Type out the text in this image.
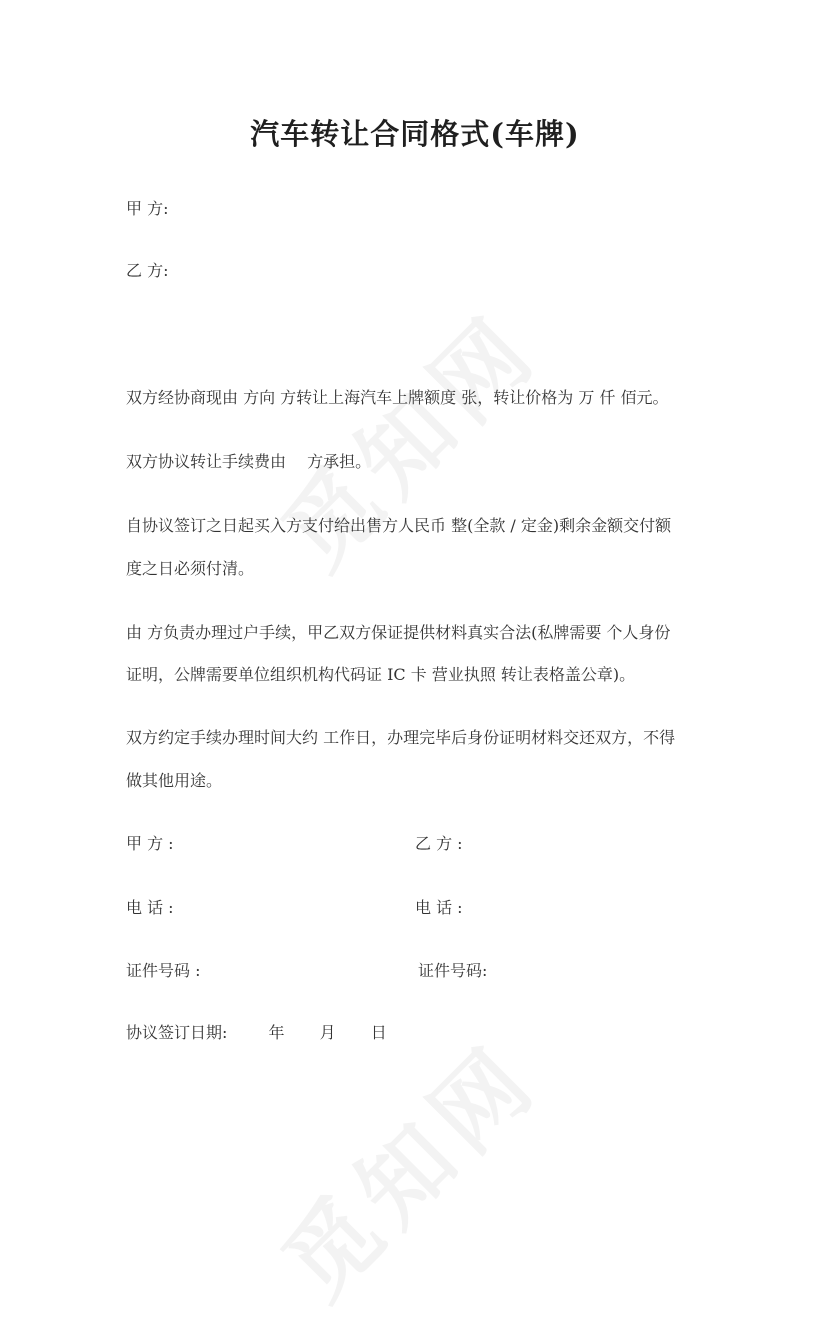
汽车转让合同格式(车牌)
甲 方:
乙 方:
双方经协商现由 方向 方转让上海汽车上牌额度 张，转让价格为 万 仟 佰元。
双方协议转让手续费由　 方承担。
自协议签订之日起买入方支付给出售方人民币 整(全款 / 定金)剩余金额交付额
度之日必须付清。
由 方负责办理过户手续，甲乙双方保证提供材料真实合法(私牌需要 个人身份
证明，公牌需要单位组织机构代码证 IC 卡 营业执照 转让表格盖公章)。
双方约定手续办理时间大约 工作日，办理完毕后身份证明材料交还双方，不得
做其他用途。
甲 方 :	乙 方 :
电 话 :	电 话 :
证件号码 :	证件号码:
协议签订日期:	年 月 日
